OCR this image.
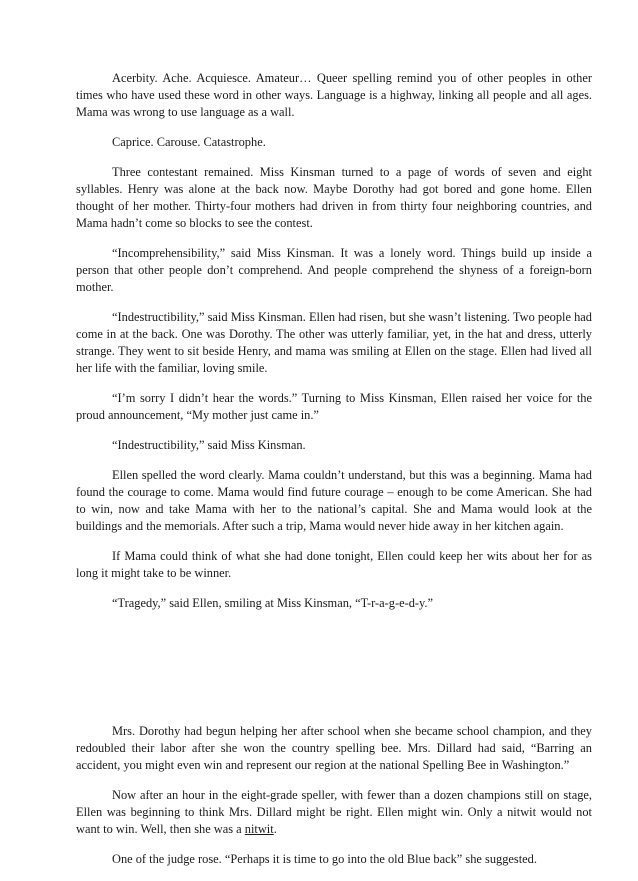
Acerbity. Ache. Acquiesce. Amateur… Queer spelling remind you of other peoples in other times who have used these word in other ways. Language is a highway, linking all people and all ages. Mama was wrong to use language as a wall.

Caprice. Carouse. Catastrophe.

Three contestant remained. Miss Kinsman turned to a page of words of seven and eight syllables. Henry was alone at the back now. Maybe Dorothy had got bored and gone home. Ellen thought of her mother. Thirty-four mothers had driven in from thirty four neighboring countries, and Mama hadn’t come so blocks to see the contest.

“Incomprehensibility,” said Miss Kinsman. It was a lonely word. Things build up inside a person that other people don’t comprehend. And people comprehend the shyness of a foreign-born mother.

“Indestructibility,” said Miss Kinsman. Ellen had risen, but she wasn’t listening. Two people had come in at the back. One was Dorothy. The other was utterly familiar, yet, in the hat and dress, utterly strange. They went to sit beside Henry, and mama was smiling at Ellen on the stage. Ellen had lived all her life with the familiar, loving smile.

“I’m sorry I didn’t hear the words.” Turning to Miss Kinsman, Ellen raised her voice for the proud announcement, “My mother just came in.”

“Indestructibility,” said Miss Kinsman.

Ellen spelled the word clearly. Mama couldn’t understand, but this was a beginning. Mama had found the courage to come. Mama would find future courage – enough to be come American. She had to win, now and take Mama with her to the national’s capital. She and Mama would look at the buildings and the memorials. After such a trip, Mama would never hide away in her kitchen again.

If Mama could think of what she had done tonight, Ellen could keep her wits about her for as long it might take to be winner.

“Tragedy,” said Ellen, smiling at Miss Kinsman, “T-r-a-g-e-d-y.”

Mrs. Dorothy had begun helping her after school when she became school champion, and they redoubled their labor after she won the country spelling bee. Mrs. Dillard had said, “Barring an accident, you might even win and represent our region at the national Spelling Bee in Washington.”

Now after an hour in the eight-grade speller, with fewer than a dozen champions still on stage, Ellen was beginning to think Mrs. Dillard might be right. Ellen might win. Only a nitwit would not want to win. Well, then she was a nitwit.

One of the judge rose. “Perhaps it is time to go into the old Blue back” she suggested.
